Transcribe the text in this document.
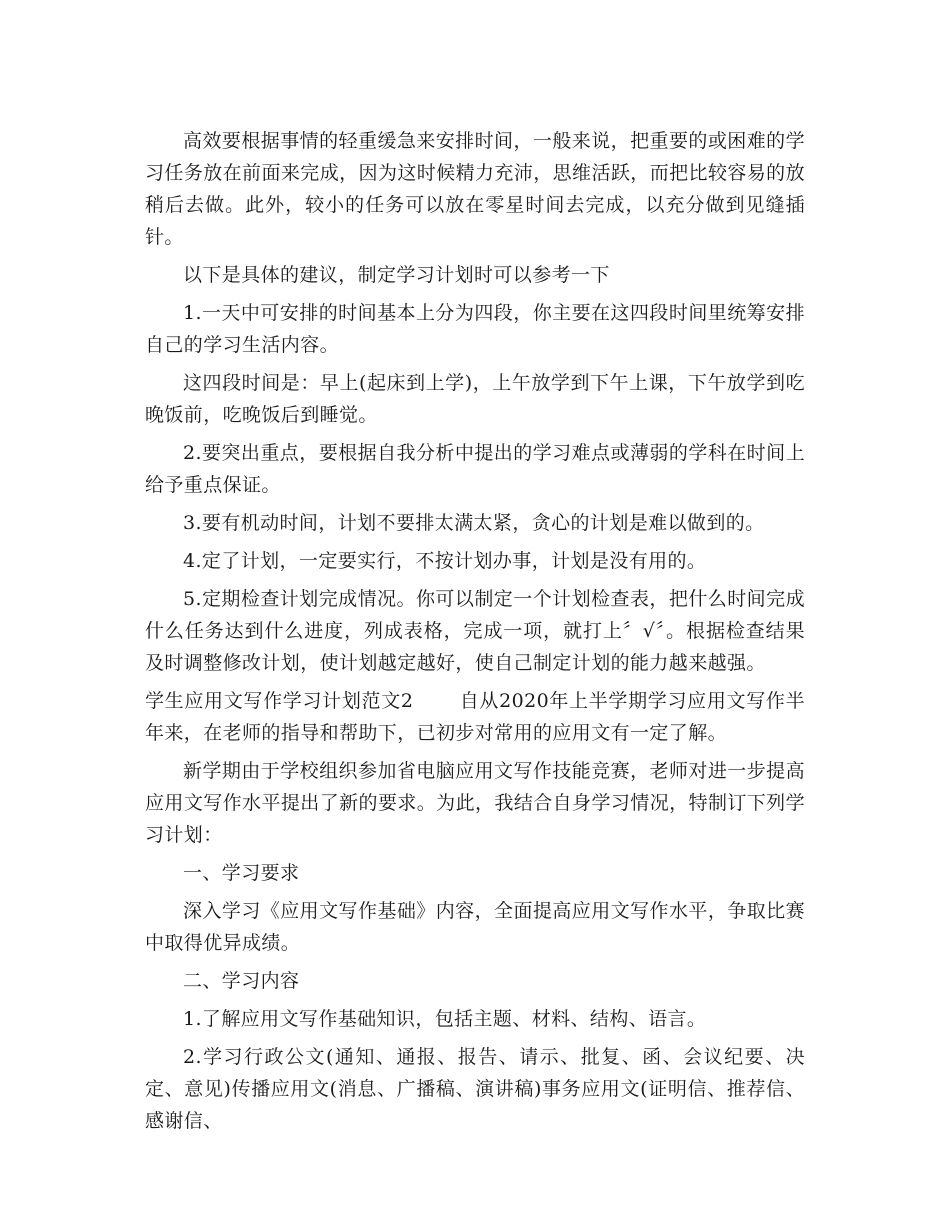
高效要根据事情的轻重缓急来安排时间，一般来说，把重要的或困难的学习任务放在前面来完成，因为这时候精力充沛，思维活跃，而把比较容易的放稍后去做。此外，较小的任务可以放在零星时间去完成，以充分做到见缝插针。

以下是具体的建议，制定学习计划时可以参考一下

1.一天中可安排的时间基本上分为四段，你主要在这四段时间里统筹安排自己的学习生活内容。

这四段时间是：早上(起床到上学)，上午放学到下午上课，下午放学到吃晚饭前，吃晚饭后到睡觉。

2.要突出重点，要根据自我分析中提出的学习难点或薄弱的学科在时间上给予重点保证。

3.要有机动时间，计划不要排太满太紧，贪心的计划是难以做到的。

4.定了计划，一定要实行，不按计划办事，计划是没有用的。

5.定期检查计划完成情况。你可以制定一个计划检查表，把什么时间完成什么任务达到什么进度，列成表格，完成一项，就打上〞√〞。根据检查结果及时调整修改计划，使计划越定越好，使自己制定计划的能力越来越强。

学生应用文写作学习计划范文2 自从2020年上半学期学习应用文写作半年来，在老师的指导和帮助下，已初步对常用的应用文有一定了解。

新学期由于学校组织参加省电脑应用文写作技能竞赛，老师对进一步提高应用文写作水平提出了新的要求。为此，我结合自身学习情况，特制订下列学习计划：

一、学习要求

深入学习《应用文写作基础》内容，全面提高应用文写作水平，争取比赛中取得优异成绩。

二、学习内容

1.了解应用文写作基础知识，包括主题、材料、结构、语言。

2.学习行政公文(通知、通报、报告、请示、批复、函、会议纪要、决定、意见)传播应用文(消息、广播稿、演讲稿)事务应用文(证明信、推荐信、感谢信、
